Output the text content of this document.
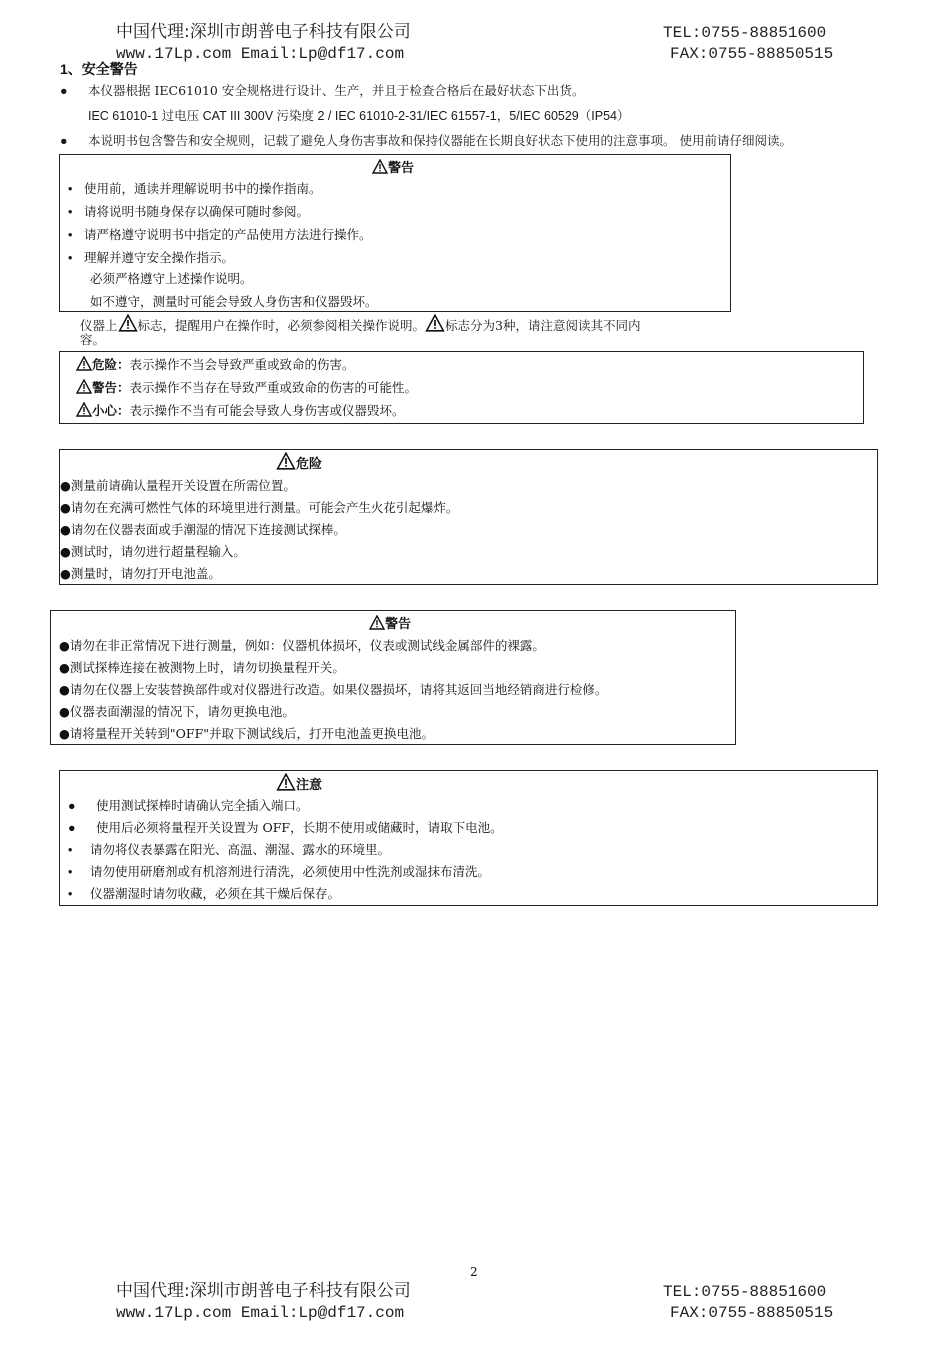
中国代理:深圳市朗普电子科技有限公司
www.17Lp.com Email:Lp@df17.com
TEL:0755-88851600
FAX:0755-88850515
1、安全警告
● 本仪器根据 IEC61010 安全规格进行设计、生产，并且于检查合格后在最好状态下出货。
IEC 61010-1 过电压 CAT III 300V 污染度 2 / IEC 61010-2-31/IEC 61557-1，5/IEC 60529（IP54）
● 本说明书包含警告和安全规则，记载了避免人身伤害事故和保持仪器能在长期良好状态下使用的注意事项。 使用前请仔细阅读。
警告
• 使用前，通读并理解说明书中的操作指南。
• 请将说明书随身保存以确保可随时参阅。
• 请严格遵守说明书中指定的产品使用方法进行操作。
• 理解并遵守安全操作指示。
必须严格遵守上述操作说明。
如不遵守，测量时可能会导致人身伤害和仪器毁坏。
仪器上 标志，提醒用户在操作时，必须参阅相关操作说明。 标志分为3种，请注意阅读其不同内
容。
危险：表示操作不当会导致严重或致命的伤害。
警告：表示操作不当存在导致严重或致命的伤害的可能性。
小心：表示操作不当有可能会导致人身伤害或仪器毁坏。
危险
●测量前请确认量程开关设置在所需位置。
●请勿在充满可燃性气体的环境里进行测量。可能会产生火花引起爆炸。
●请勿在仪器表面或手潮湿的情况下连接测试探棒。
●测试时，请勿进行超量程输入。
●测量时，请勿打开电池盖。
警告
●请勿在非正常情况下进行测量，例如：仪器机体损坏，仪表或测试线金属部件的裸露。
●测试探棒连接在被测物上时，请勿切换量程开关。
●请勿在仪器上安装替换部件或对仪器进行改造。如果仪器损坏，请将其返回当地经销商进行检修。
●仪器表面潮湿的情况下，请勿更换电池。
●请将量程开关转到"OFF"并取下测试线后，打开电池盖更换电池。
注意
● 使用测试探棒时请确认完全插入端口。
● 使用后必须将量程开关设置为 OFF，长期不使用或储藏时，请取下电池。
• 请勿将仪表暴露在阳光、高温、潮湿、露水的环境里。
• 请勿使用研磨剂或有机溶剂进行清洗，必须使用中性洗剂或湿抹布清洗。
• 仪器潮湿时请勿收藏，必须在其干燥后保存。
2
中国代理:深圳市朗普电子科技有限公司
www.17Lp.com Email:Lp@df17.com
TEL:0755-88851600
FAX:0755-88850515
